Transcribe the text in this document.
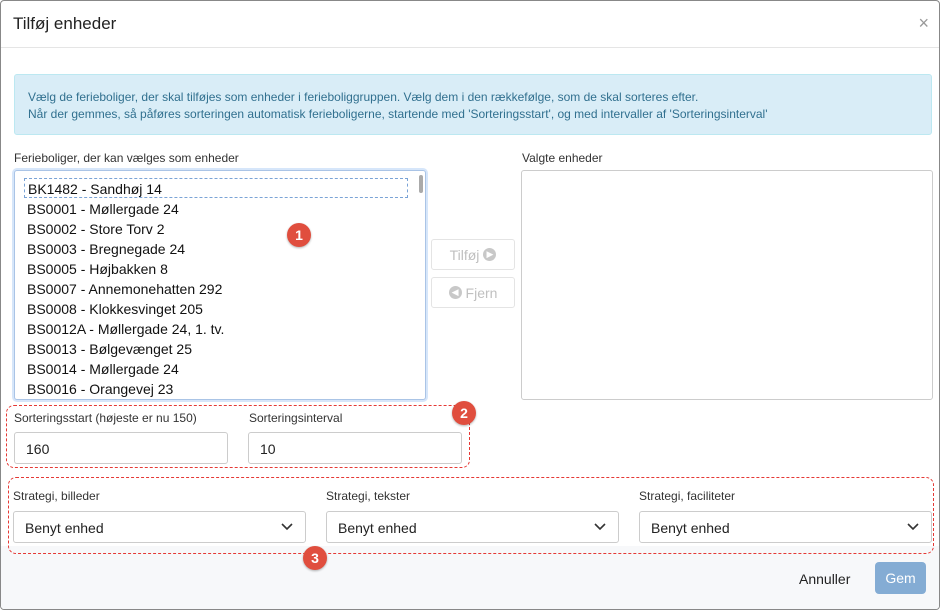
Tilføj enheder	×
Vælg de ferieboliger, der skal tilføjes som enheder i ferieboliggruppen. Vælg dem i den rækkefølge, som de skal sorteres efter.
Når der gemmes, så påføres sorteringen automatisk ferieboligerne, startende med 'Sorteringsstart', og med intervaller af 'Sorteringsinterval'
Ferieboliger, der kan vælges som enheder	Valgte enheder
BK1482 - Sandhøj 14
BS0001 - Møllergade 24
BS0002 - Store Torv 2
BS0003 - Bregnegade 24
BS0005 - Højbakken 8
BS0007 - Annemonehatten 292
BS0008 - Klokkesvinget 205
BS0012A - Møllergade 24, 1. tv.
BS0013 - Bølgevænget 25
BS0014 - Møllergade 24
BS0016 - Orangevej 23
Tilføj ▶
◀ Fjern
Sorteringsstart (højeste er nu 150)
160
Sorteringsinterval
10
Strategi, billeder
Benyt enhed
Strategi, tekster
Benyt enhed
Strategi, faciliteter
Benyt enhed
Annuller	Gem
1
2
3
